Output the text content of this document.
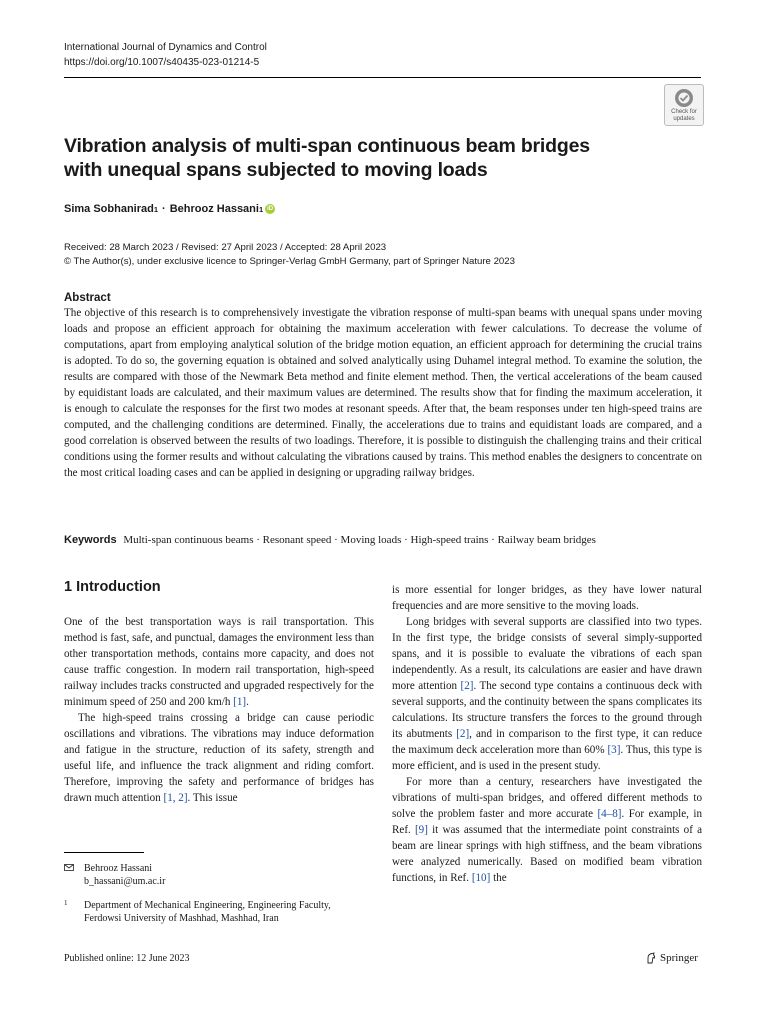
International Journal of Dynamics and Control
https://doi.org/10.1007/s40435-023-01214-5
Check for
updates
Vibration analysis of multi-span continuous beam bridges
with unequal spans subjected to moving loads
Sima Sobhanirad 1 · Behrooz Hassani 1 iD
Received: 28 March 2023 / Revised: 27 April 2023 / Accepted: 28 April 2023
© The Author(s), under exclusive licence to Springer-Verlag GmbH Germany, part of Springer Nature 2023
Abstract

The objective of this research is to comprehensively investigate the vibration response of multi-span beams with unequal spans under moving loads and propose an efficient approach for obtaining the maximum acceleration with fewer calculations. To decrease the volume of computations, apart from employing analytical solution of the bridge motion equation, an efficient approach for determining the crucial trains is adopted. To do so, the governing equation is obtained and solved analytically using Duhamel integral method. To examine the solution, the results are compared with those of the Newmark Beta method and finite element method. Then, the vertical accelerations of the beam caused by equidistant loads are calculated, and their maximum values are determined. The results show that for finding the maximum acceleration, it is enough to calculate the responses for the first two modes at resonant speeds. After that, the beam responses under ten high-speed trains are computed, and the challenging conditions are determined. Finally, the accelerations due to trains and equidistant loads are compared, and a good correlation is observed between the results of two loadings. Therefore, it is possible to distinguish the challenging trains and their critical conditions using the former results and without calculating the vibrations caused by trains. This method enables the designers to concentrate on the most critical loading cases and can be applied in designing or upgrading railway bridges.

Keywords Multi-span continuous beams · Resonant speed · Moving loads · High-speed trains · Railway beam bridges
1 Introduction

One of the best transportation ways is rail transportation. This method is fast, safe, and punctual, damages the environment less than other transportation methods, contains more capacity, and does not cause traffic congestion. In modern rail transportation, high-speed railway includes tracks constructed and upgraded respectively for the minimum speed of 250 and 200 km/h [1].

The high-speed trains crossing a bridge can cause periodic oscillations and vibrations. The vibrations may induce deformation and fatigue in the structure, reduction of its safety, strength and useful life, and influence the track alignment and riding comfort. Therefore, improving the safety and performance of bridges has drawn much attention [1, 2]. This issue

is more essential for longer bridges, as they have lower natural frequencies and are more sensitive to the moving loads.

Long bridges with several supports are classified into two types. In the first type, the bridge consists of several simply-supported spans, and it is possible to evaluate the vibrations of each span independently. As a result, its calculations are easier and have drawn more attention [2]. The second type contains a continuous deck with several supports, and the continuity between the spans complicates its calculations. Its structure transfers the forces to the ground through its abutments [2], and in comparison to the first type, it can reduce the maximum deck acceleration more than 60% [3]. Thus, this type is more efficient, and is used in the present study.

For more than a century, researchers have investigated the vibrations of multi-span bridges, and offered different methods to solve the problem faster and more accurate [4–8]. For example, in Ref. [9] it was assumed that the intermediate point constraints of a beam are linear springs with high stiffness, and the beam vibrations were analyzed numerically. Based on modified beam vibration functions, in Ref. [10] the

Behrooz Hassani
b_hassani@um.ac.ir
1 Department of Mechanical Engineering, Engineering Faculty,
Ferdowsi University of Mashhad, Mashhad, Iran
Published online: 12 June 2023	Springer
